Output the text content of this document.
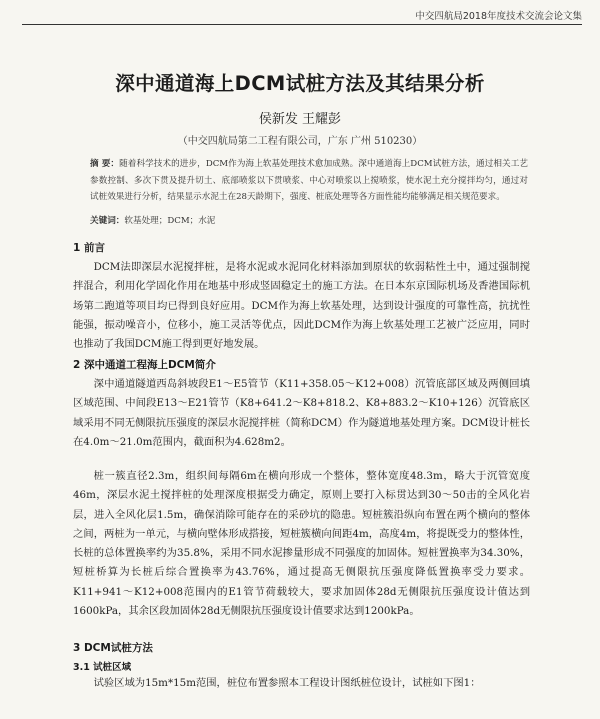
中交四航局2018年度技术交流会论文集
深中通道海上DCM试桩方法及其结果分析
侯新发 王耀彭
（中交四航局第二工程有限公司，广东 广州 510230）
摘 要：随着科学技术的进步，DCM作为海上软基处理技术愈加成熟。深中通道海上DCM试桩方法，通过相关工艺参数控制、多次下贯及提升切土、底部喷浆以下贯喷浆、中心对喷浆以上搅喷浆，使水泥土充分搅拌均匀，通过对试桩效果进行分析，结果显示水泥土在28天龄期下，强度、桩底处理等各方面性能均能够满足相关规范要求。
关键词：软基处理；DCM；水泥
1 前言
DCM法即深层水泥搅拌桩，是将水泥或水泥同化材料添加到原状的软弱粘性土中，通过强制搅拌混合，利用化学固化作用在地基中形成竖固稳定土的施工方法。在日本东京国际机场及香港国际机场第二跑道等项目均已得到良好应用。DCM作为海上软基处理，达到设计强度的可靠性高，抗扰性能强，振动噪音小，位移小，施工灵活等优点，因此DCM作为海上软基处理工艺被广泛应用，同时也推动了我国DCM施工得到更好地发展。
2 深中通道工程海上DCM简介
深中通道隧道西岛斜坡段E1～E5管节（K11+358.05～K12+008）沉管底部区域及两侧回填区域范围、中间段E13～E21管节（K8+641.2～K8+818.2、K8+883.2～K10+126）沉管底区域采用不同无侧限抗压强度的深层水泥搅拌桩（简称DCM）作为隧道地基处理方案。DCM设计桩长在4.0m～21.0m范围内，截面积为4.628m2。
桩一簇直径2.3m，组织间每隔6m在横向形成一个整体，整体宽度48.3m，略大于沉管宽度46m，深层水泥土搅拌桩的处理深度根据受力确定，原则上要打入标贯达到30～50击的全风化岩层，进入全风化层1.5m，确保消除可能存在的采砂坑的隐患。短桩簇沿纵向布置在两个横向的整体之间，两桩为一单元，与横向壁体形成搭接，短桩簇横向间距4m，高度4m，将提既受力的整体性，长桩的总体置换率约为35.8%，采用不同水泥掺量形成不同强度的加固体。短桩置换率为34.30%，短桩桥算为长桩后综合置换率为43.76%，通过提高无侧限抗压强度降低置换率受力要求。K11+941～K12+008范围内的E1管节荷载较大，要求加固体28d无侧限抗压强度设计值达到1600kPa，其余区段加固体28d无侧限抗压强度设计值要求达到1200kPa。
3 DCM试桩方法
3.1 试桩区域
试验区域为15m*15m范围，桩位布置参照本工程设计图纸桩位设计，试桩如下图1：
